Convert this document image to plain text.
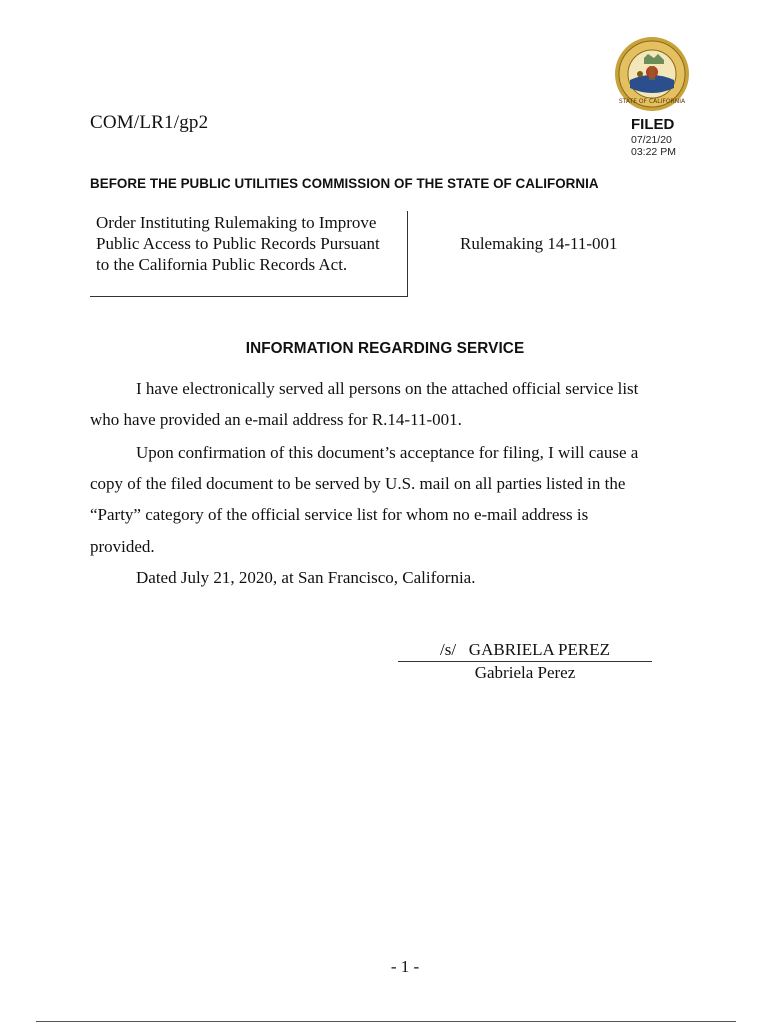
STATE OF CALIFORNIA
COM/LR1/gp2	FILED
07/21/20
03:22 PM
BEFORE THE PUBLIC UTILITIES COMMISSION OF THE STATE OF CALIFORNIA
Order Instituting Rulemaking to Improve
Public Access to Public Records Pursuant
to the California Public Records Act.
Rulemaking 14-11-001
INFORMATION REGARDING SERVICE
I have electronically served all persons on the attached official service list
who have provided an e-mail address for R.14-11-001.
Upon confirmation of this document’s acceptance for filing, I will cause a
copy of the filed document to be served by U.S. mail on all parties listed in the
“Party” category of the official service list for whom no e-mail address is
provided.
Dated July 21, 2020, at San Francisco, California.
/s/   GABRIELA PEREZ
Gabriela Perez
- 1 -
